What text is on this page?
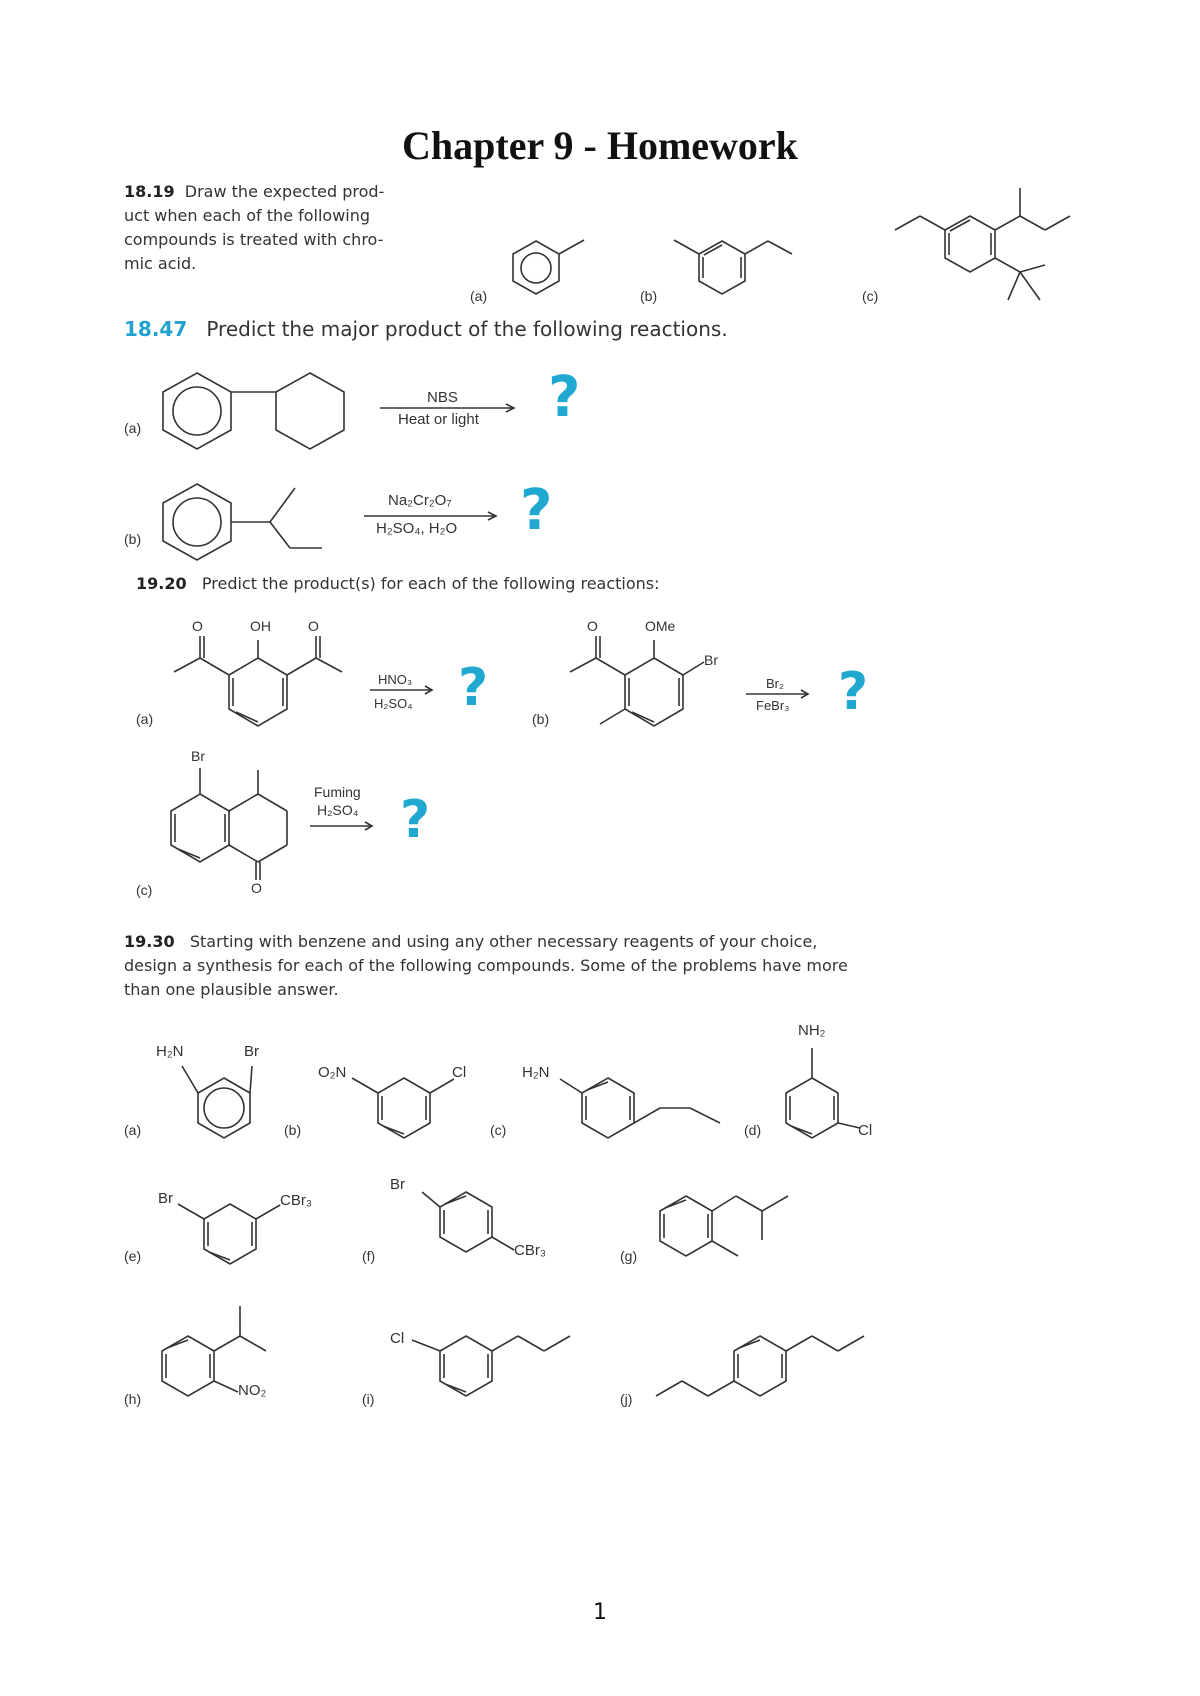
Chapter 9 - Homework
18.19 Draw the expected prod-
uct when each of the following
compounds is treated with chro-
mic acid.
(a)	(b)	(c)
18.47 Predict the major product of the following reactions.
(a)
NBS
Heat or light ?
(b)
Na₂Cr₂O₇
H₂SO₄, H₂O ?
19.20 Predict the product(s) for each of the following reactions:
(a)
O	OH	O
HNO₃
H₂SO₄ ?
(b)
O	OMe
Br
Br₂
FeBr₃ ?
(c)
Br
O
Fuming
H₂SO₄ ?
19.30 Starting with benzene and using any other necessary reagents of your choice,
design a synthesis for each of the following compounds. Some of the problems have more
than one plausible answer.
(a)	(b)	(c)	(d)
(e)	(f)	(g)
(h)	(i)	(j)
H₂N	Br
O₂N	Cl	H₂N
NH₂
Cl
Br	CBr₃
Br
CBr₃
NO₂
Cl
1
